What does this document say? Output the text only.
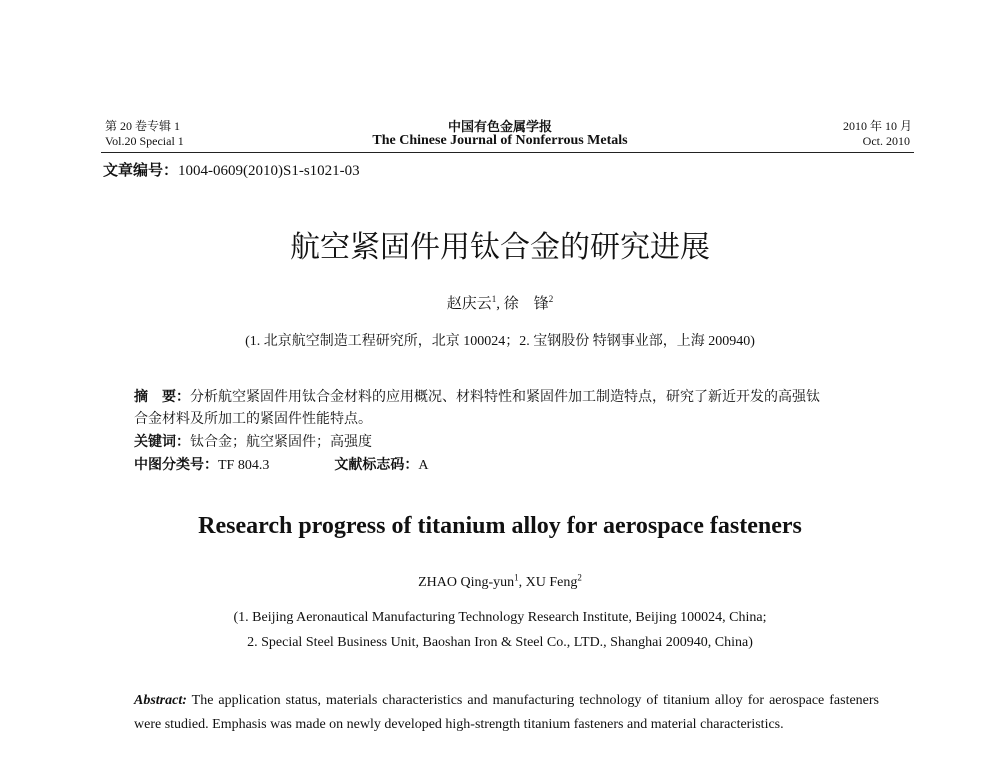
第 20 卷专辑 1
Vol.20 Special 1
中国有色金属学报
The Chinese Journal of Nonferrous Metals
2010 年 10 月
Oct. 2010
文章编号：1004-0609(2010)S1-s1021-03
航空紧固件用钛合金的研究进展
赵庆云$^1$, 徐　锋$^2$
(1. 北京航空制造工程研究所，北京 100024；2. 宝钢股份 特钢事业部，上海 200940)
摘　要：分析航空紧固件用钛合金材料的应用概况、材料特性和紧固件加工制造特点，研究了新近开发的高强钛
合金材料及所加工的紧固件性能特点。
关键词：钛合金；航空紧固件；高强度
中图分类号：TF 804.3	文献标志码：A
Research progress of titanium alloy for aerospace fasteners
ZHAO Qing-yun$^1$, XU Feng$^2$
(1. Beijing Aeronautical Manufacturing Technology Research Institute, Beijing 100024, China;
2. Special Steel Business Unit, Baoshan Iron & Steel Co., LTD., Shanghai 200940, China)
Abstract: The application status, materials characteristics and manufacturing technology of titanium alloy for aerospace fasteners were studied. Emphasis was made on newly developed high-strength titanium fasteners and material characteristics.
